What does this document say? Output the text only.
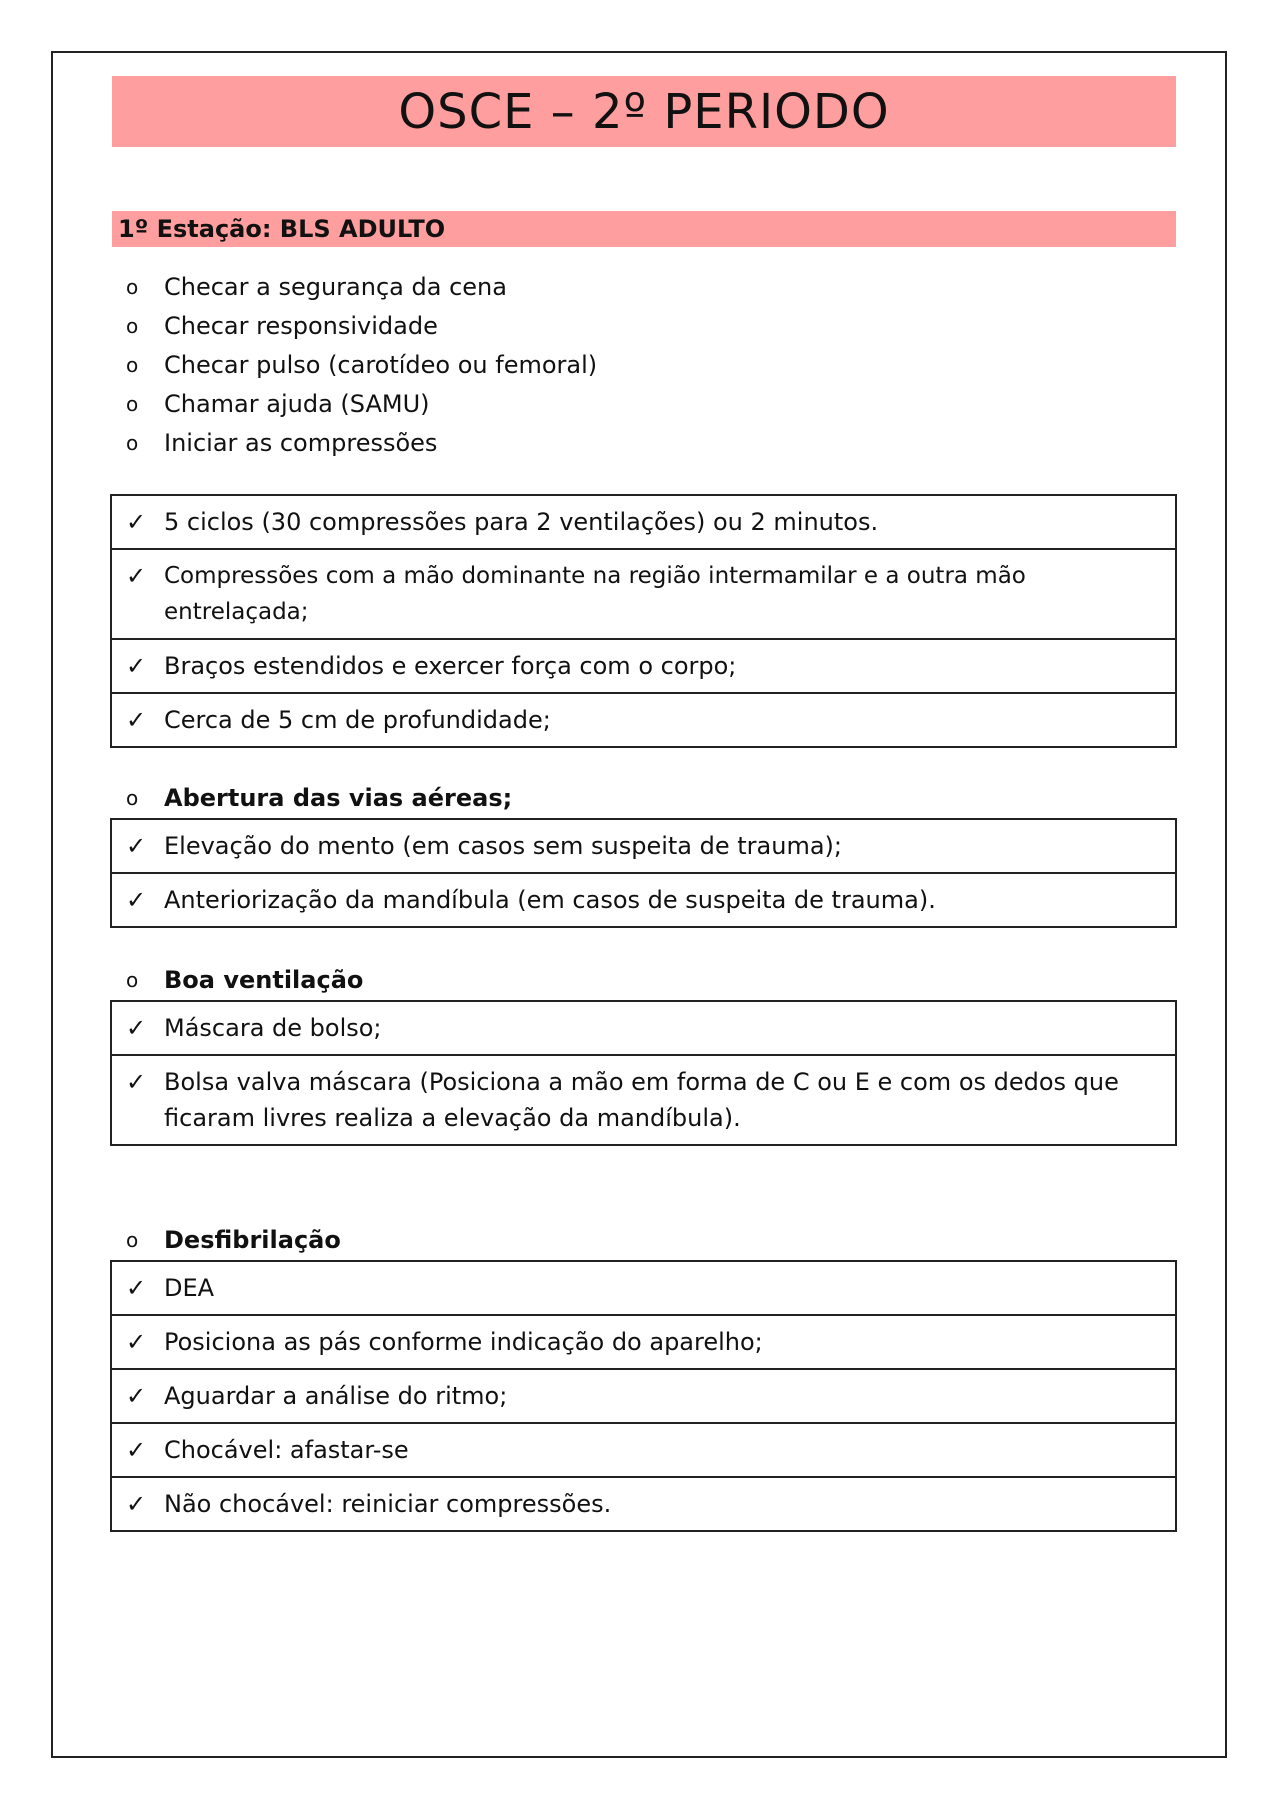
OSCE – 2º PERIODO
1º Estação: BLS ADULTO
o	Checar a segurança da cena
o	Checar responsividade
o	Checar pulso (carotídeo ou femoral)
o	Chamar ajuda (SAMU)
o	Iniciar as compressões
✓ 5 ciclos (30 compressões para 2 ventilações) ou 2 minutos.
✓ Compressões com a mão dominante na região intermamilar e a outra mão entrelaçada;
✓ Braços estendidos e exercer força com o corpo;
✓ Cerca de 5 cm de profundidade;
o	Abertura das vias aéreas;
✓ Elevação do mento (em casos sem suspeita de trauma);
✓ Anteriorização da mandíbula (em casos de suspeita de trauma).
o	Boa ventilação
✓ Máscara de bolso;
✓ Bolsa valva máscara (Posiciona a mão em forma de C ou E e com os dedos que ficaram livres realiza a elevação da mandíbula).
o	Desfibrilação
✓ DEA
✓ Posiciona as pás conforme indicação do aparelho;
✓ Aguardar a análise do ritmo;
✓ Chocável: afastar-se
✓ Não chocável: reiniciar compressões.
